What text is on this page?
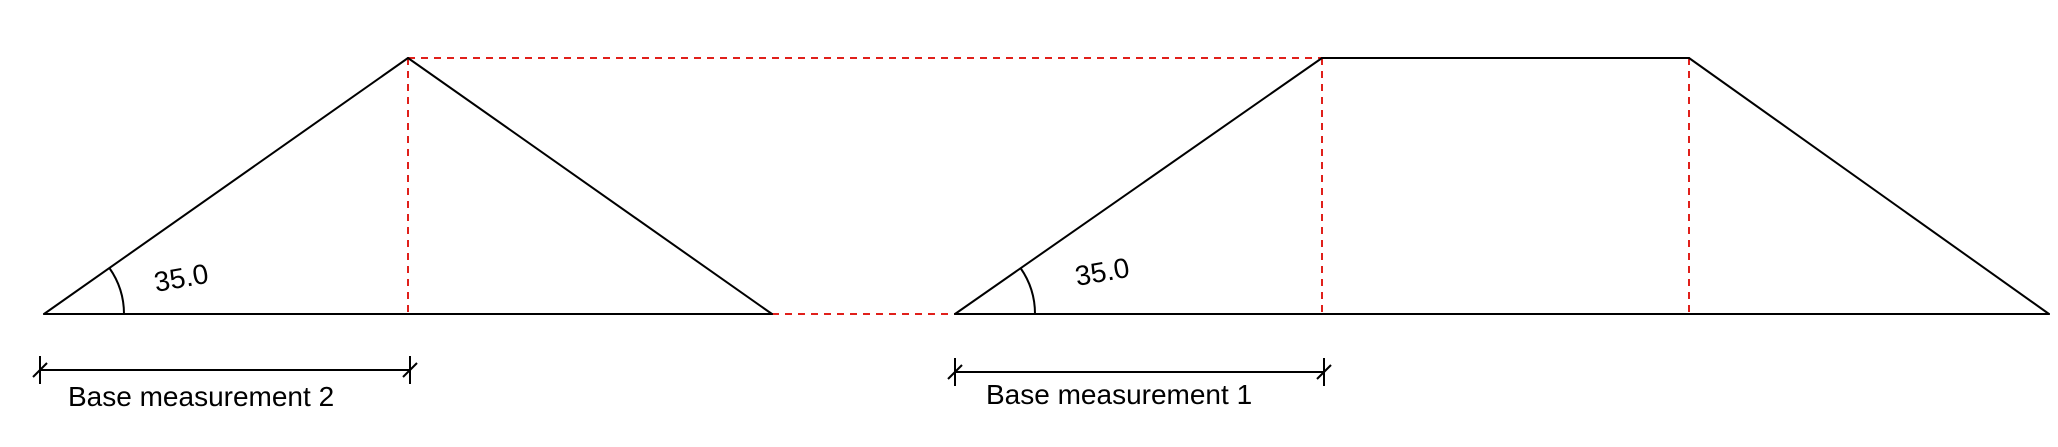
35.0
Base measurement 2
35.0
Base measurement 1
